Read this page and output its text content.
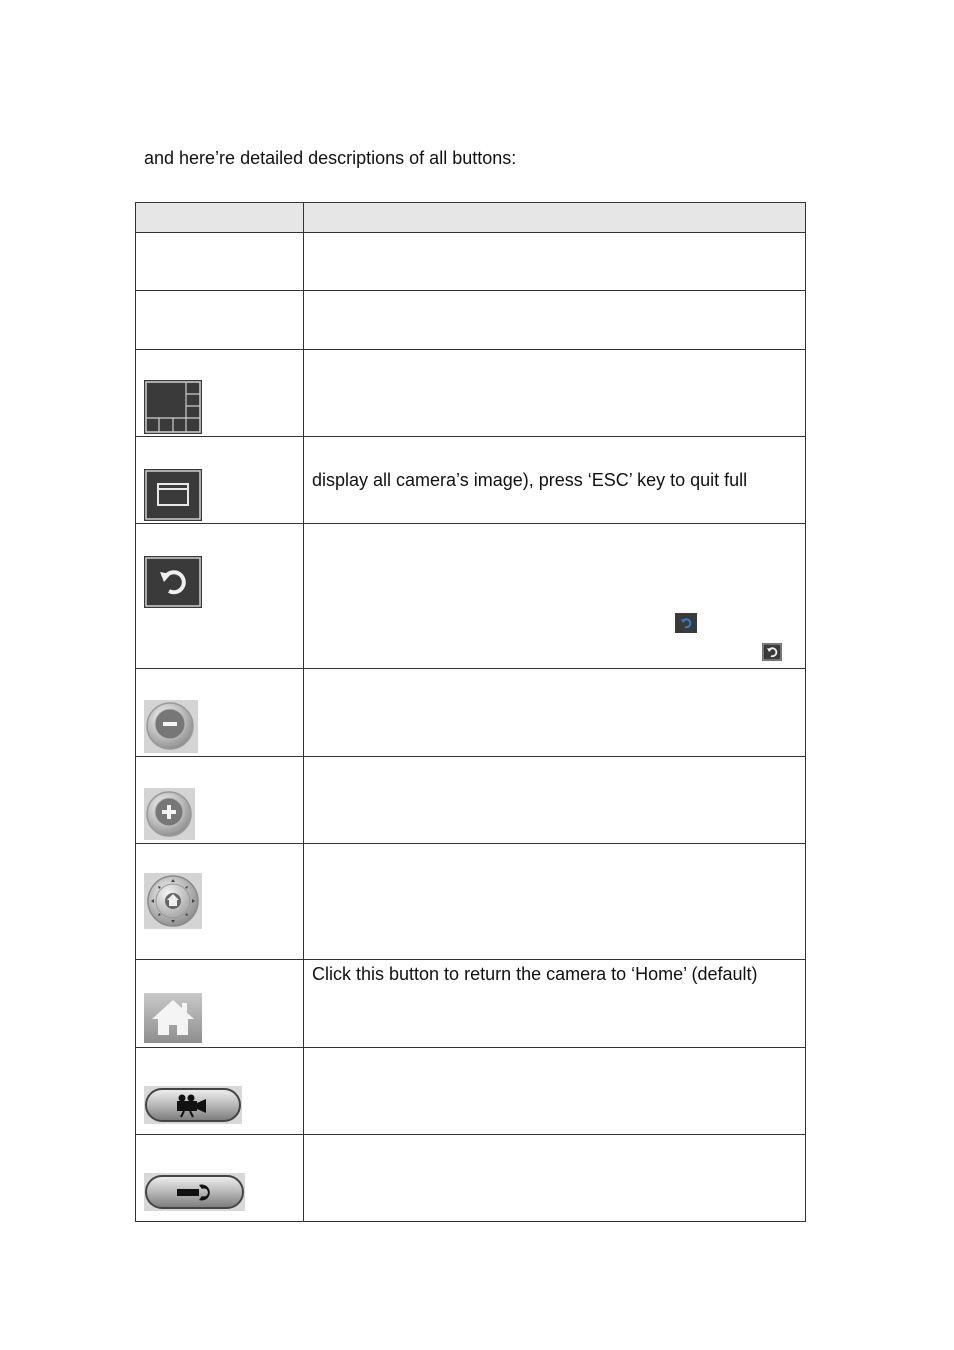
and here’re detailed descriptions of all buttons:

display all camera’s image), press ‘ESC’ key to quit full

Click this button to return the camera to ‘Home’ (default)
